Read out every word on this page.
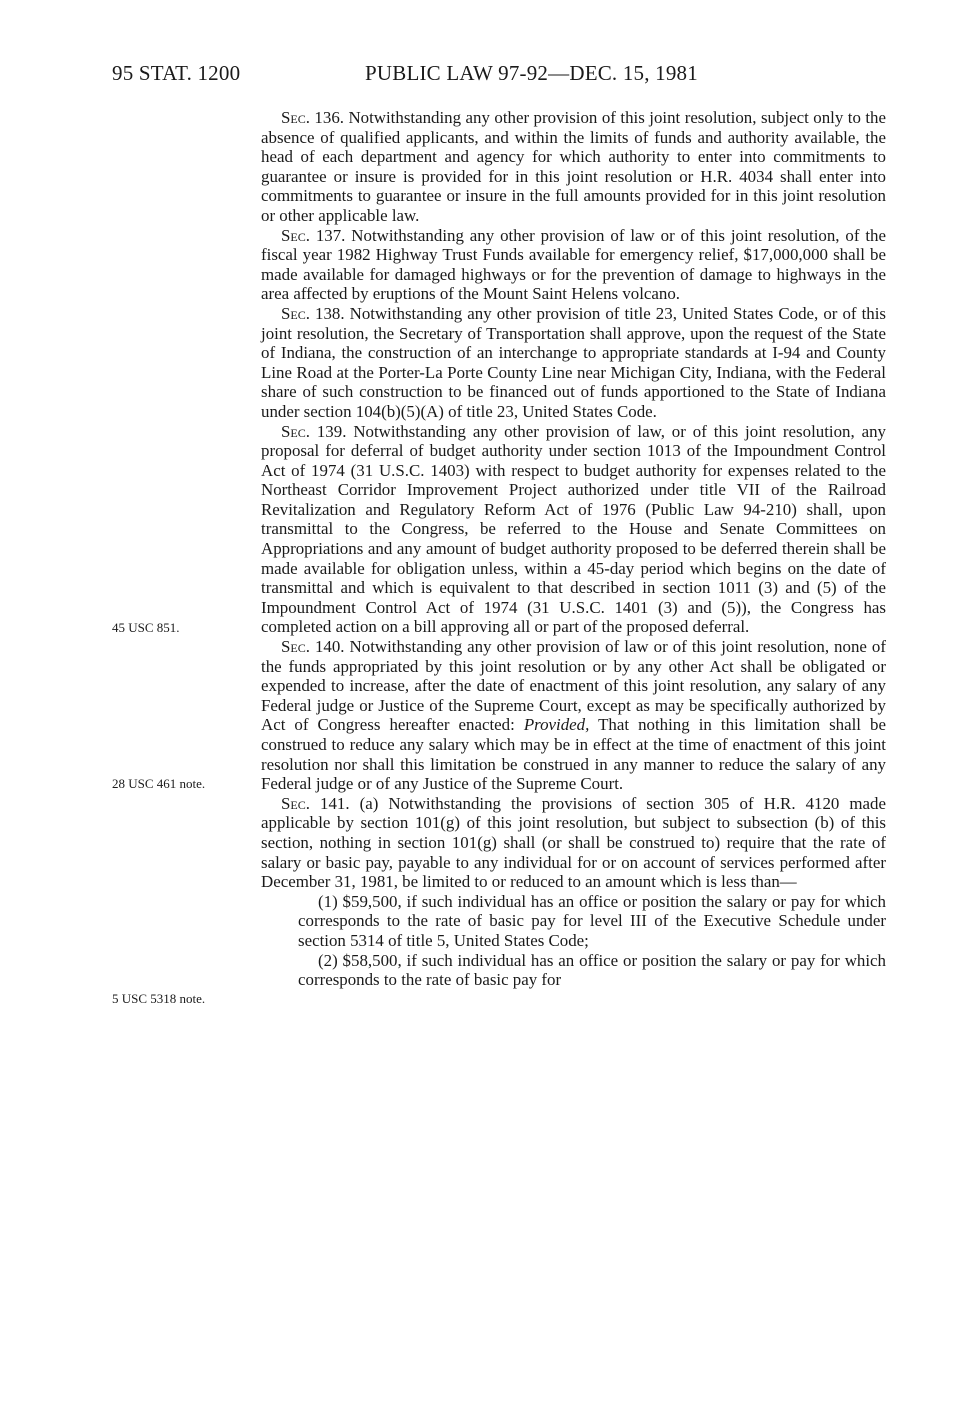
95 STAT. 1200	PUBLIC LAW 97-92—DEC. 15, 1981
45 USC 851.
28 USC 461 note.
5 USC 5318 note.

Sec. 136. Notwithstanding any other provision of this joint resolution, subject only to the absence of qualified applicants, and within the limits of funds and authority available, the head of each department and agency for which authority to enter into commitments to guarantee or insure is provided for in this joint resolution or H.R. 4034 shall enter into commitments to guarantee or insure in the full amounts provided for in this joint resolution or other applicable law.

Sec. 137. Notwithstanding any other provision of law or of this joint resolution, of the fiscal year 1982 Highway Trust Funds available for emergency relief, $17,000,000 shall be made available for damaged highways or for the prevention of damage to highways in the area affected by eruptions of the Mount Saint Helens volcano.

Sec. 138. Notwithstanding any other provision of title 23, United States Code, or of this joint resolution, the Secretary of Transportation shall approve, upon the request of the State of Indiana, the construction of an interchange to appropriate standards at I-94 and County Line Road at the Porter-La Porte County Line near Michigan City, Indiana, with the Federal share of such construction to be financed out of funds apportioned to the State of Indiana under section 104(b)(5)(A) of title 23, United States Code.

Sec. 139. Notwithstanding any other provision of law, or of this joint resolution, any proposal for deferral of budget authority under section 1013 of the Impoundment Control Act of 1974 (31 U.S.C. 1403) with respect to budget authority for expenses related to the Northeast Corridor Improvement Project authorized under title VII of the Railroad Revitalization and Regulatory Reform Act of 1976 (Public Law 94-210) shall, upon transmittal to the Congress, be referred to the House and Senate Committees on Appropriations and any amount of budget authority proposed to be deferred therein shall be made available for obligation unless, within a 45-day period which begins on the date of transmittal and which is equivalent to that described in section 1011 (3) and (5) of the Impoundment Control Act of 1974 (31 U.S.C. 1401 (3) and (5)), the Congress has completed action on a bill approving all or part of the proposed deferral.

Sec. 140. Notwithstanding any other provision of law or of this joint resolution, none of the funds appropriated by this joint resolution or by any other Act shall be obligated or expended to increase, after the date of enactment of this joint resolution, any salary of any Federal judge or Justice of the Supreme Court, except as may be specifically authorized by Act of Congress hereafter enacted: Provided, That nothing in this limitation shall be construed to reduce any salary which may be in effect at the time of enactment of this joint resolution nor shall this limitation be construed in any manner to reduce the salary of any Federal judge or of any Justice of the Supreme Court.

Sec. 141. (a) Notwithstanding the provisions of section 305 of H.R. 4120 made applicable by section 101(g) of this joint resolution, but subject to subsection (b) of this section, nothing in section 101(g) shall (or shall be construed to) require that the rate of salary or basic pay, payable to any individual for or on account of services performed after December 31, 1981, be limited to or reduced to an amount which is less than—

(1) $59,500, if such individual has an office or position the salary or pay for which corresponds to the rate of basic pay for level III of the Executive Schedule under section 5314 of title 5, United States Code;

(2) $58,500, if such individual has an office or position the salary or pay for which corresponds to the rate of basic pay for
